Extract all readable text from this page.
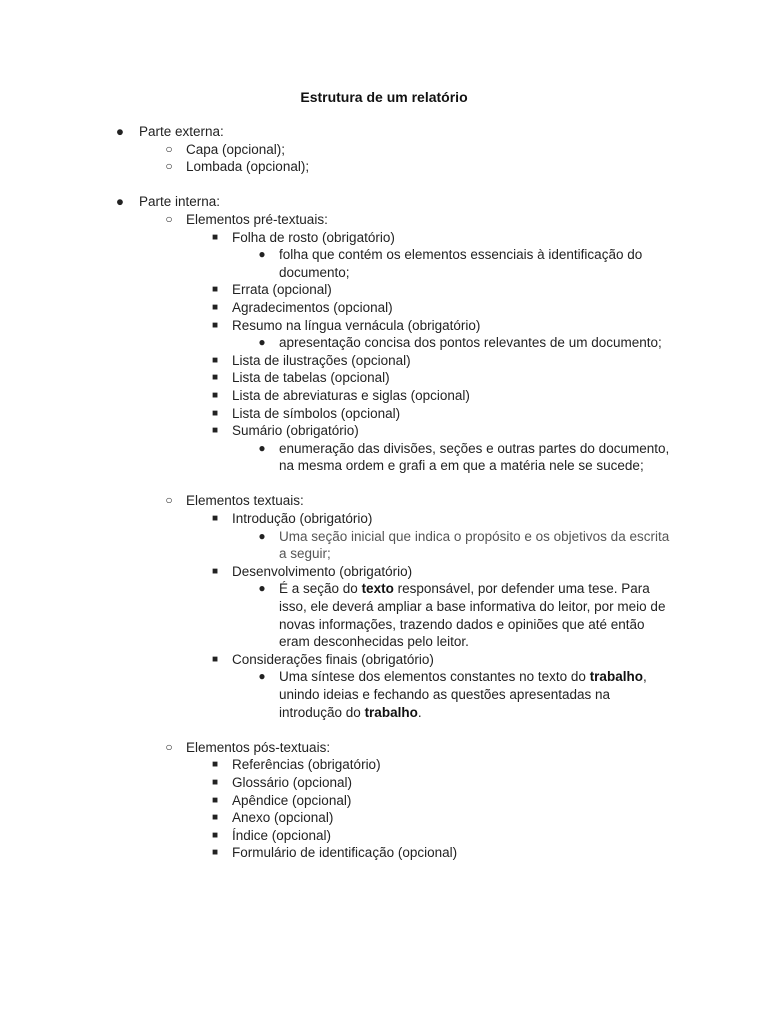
Estrutura de um relatório
● Parte externa:
○ Capa (opcional);
○ Lombada (opcional);
● Parte interna:
○ Elementos pré-textuais:
■ Folha de rosto (obrigatório)
● folha que contém os elementos essenciais à identificação do documento;
■ Errata (opcional)
■ Agradecimentos (opcional)
■ Resumo na língua vernácula (obrigatório)
● apresentação concisa dos pontos relevantes de um documento;
■ Lista de ilustrações (opcional)
■ Lista de tabelas (opcional)
■ Lista de abreviaturas e siglas (opcional)
■ Lista de símbolos (opcional)
■ Sumário (obrigatório)
● enumeração das divisões, seções e outras partes do documento, na mesma ordem e grafi a em que a matéria nele se sucede;
○ Elementos textuais:
■ Introdução (obrigatório)
● Uma seção inicial que indica o propósito e os objetivos da escrita a seguir;
■ Desenvolvimento (obrigatório)
● É a seção do texto responsável, por defender uma tese. Para isso, ele deverá ampliar a base informativa do leitor, por meio de novas informações, trazendo dados e opiniões que até então eram desconhecidas pelo leitor.
■ Considerações finais (obrigatório)
● Uma síntese dos elementos constantes no texto do trabalho, unindo ideias e fechando as questões apresentadas na introdução do trabalho.
○ Elementos pós-textuais:
■ Referências (obrigatório)
■ Glossário (opcional)
■ Apêndice (opcional)
■ Anexo (opcional)
■ Índice (opcional)
■ Formulário de identificação (opcional)
